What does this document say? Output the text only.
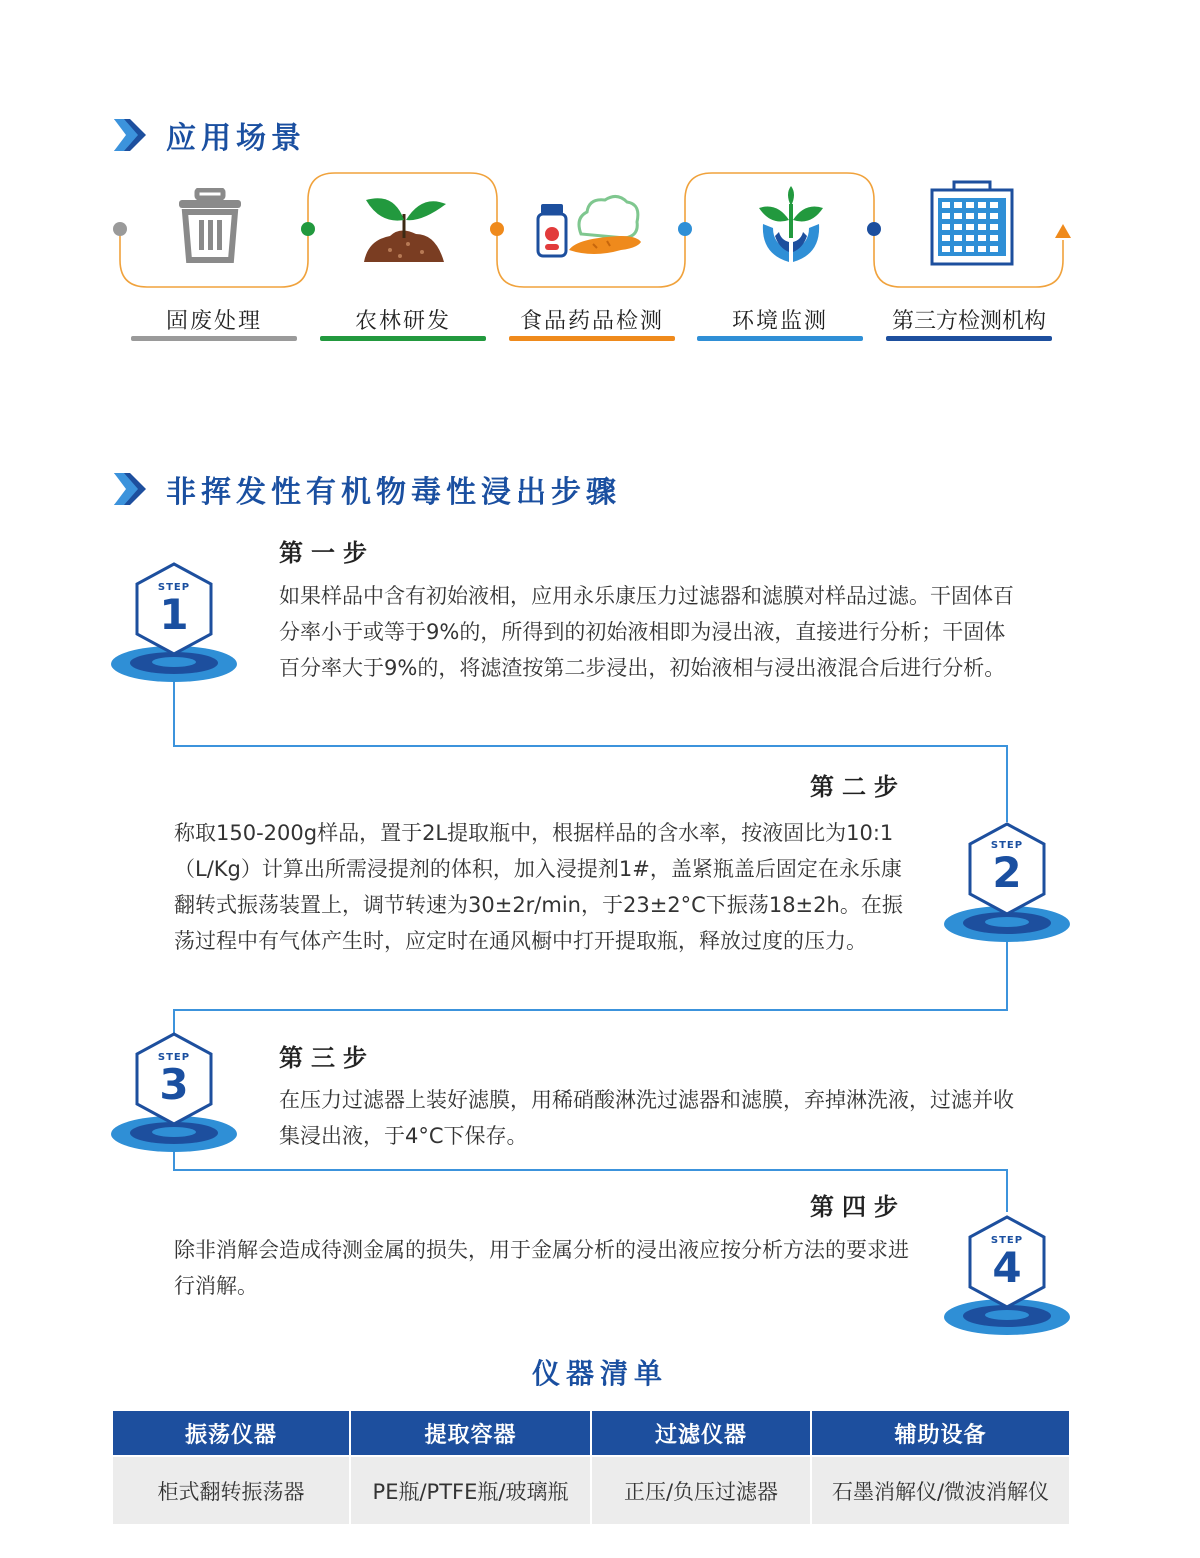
应用场景
固废处理	农林研发	食品药品检测	环境监测	第三方检测机构
非挥发性有机物毒性浸出步骤
STEP
1
第一步
如果样品中含有初始液相，应用永乐康压力过滤器和滤膜对样品过滤。干固体百分率小于或等于9%的，所得到的初始液相即为浸出液，直接进行分析；干固体百分率大于9%的，将滤渣按第二步浸出，初始液相与浸出液混合后进行分析。
第二步
称取150-200g样品，置于2L提取瓶中，根据样品的含水率，按液固比为10:1（L/Kg）计算出所需浸提剂的体积，加入浸提剂1#，盖紧瓶盖后固定在永乐康翻转式振荡装置上，调节转速为30±2r/min，于23±2°C下振荡18±2h。在振荡过程中有气体产生时，应定时在通风橱中打开提取瓶，释放过度的压力。
STEP
2
STEP
3
第三步
在压力过滤器上装好滤膜，用稀硝酸淋洗过滤器和滤膜，弃掉淋洗液，过滤并收集浸出液，于4°C下保存。
第四步
除非消解会造成待测金属的损失，用于金属分析的浸出液应按分析方法的要求进行消解。
STEP
4
仪器清单
振荡仪器	提取容器	过滤仪器	辅助设备
柜式翻转振荡器	PE瓶/PTFE瓶/玻璃瓶	正压/负压过滤器	石墨消解仪/微波消解仪
